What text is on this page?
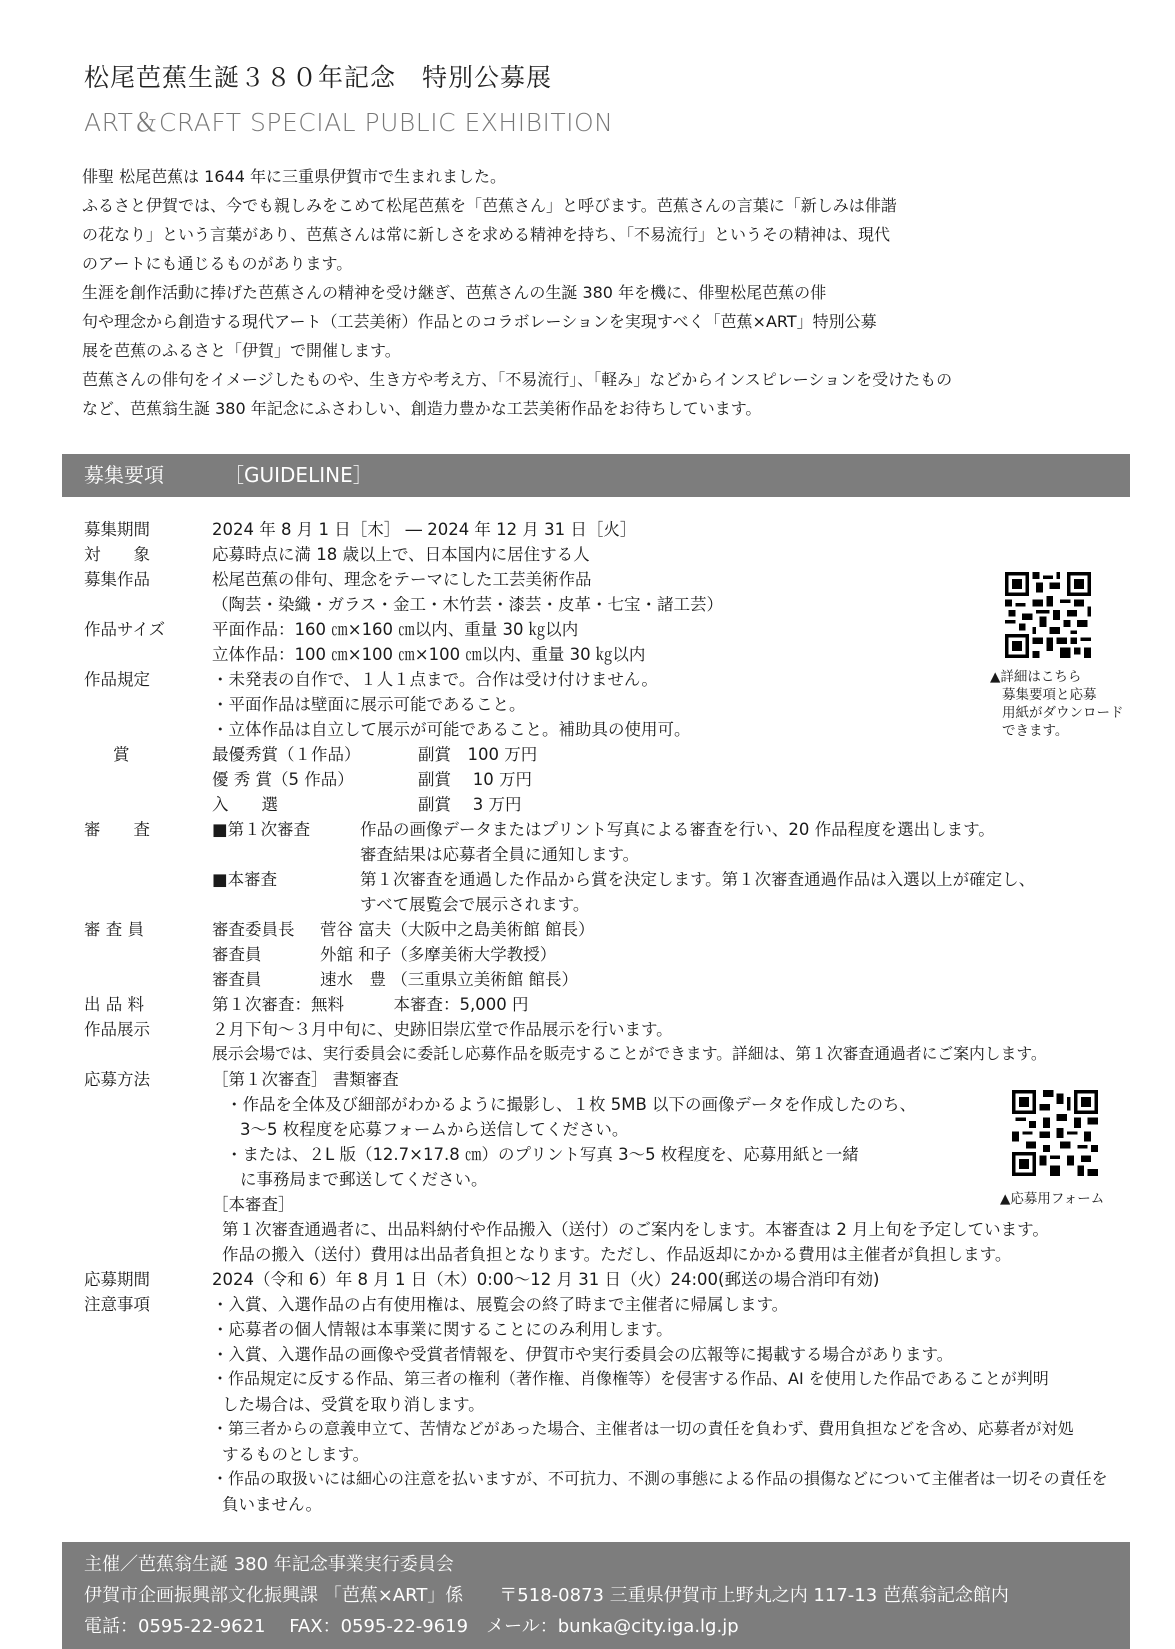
松尾芭蕉生誕３８０年記念　特別公募展
ART＆CRAFT SPECIAL PUBLIC EXHIBITION
俳聖 松尾芭蕉は 1644 年に三重県伊賀市で生まれました。
ふるさと伊賀では、今でも親しみをこめて松尾芭蕉を「芭蕉さん」と呼びます。芭蕉さんの言葉に「新しみは俳諧
の花なり」という言葉があり、芭蕉さんは常に新しさを求める精神を持ち、「不易流行」というその精神は、現代
のアートにも通じるものがあります。
生涯を創作活動に捧げた芭蕉さんの精神を受け継ぎ、芭蕉さんの生誕 380 年を機に、俳聖松尾芭蕉の俳
句や理念から創造する現代アート（工芸美術）作品とのコラボレーションを実現すべく「芭蕉×ART」特別公募
展を芭蕉のふるさと「伊賀」で開催します。
芭蕉さんの俳句をイメージしたものや、生き方や考え方、「不易流行」、「軽み」などからインスピレーションを受けたもの
など、芭蕉翁生誕 380 年記念にふさわしい、創造力豊かな工芸美術作品をお待ちしています。
募集要項	［GUIDELINE］
募集期間	2024 年 8 月 1 日［木］ ― 2024 年 12 月 31 日［火］
対　　象	応募時点に満 18 歳以上で、日本国内に居住する人
募集作品	松尾芭蕉の俳句、理念をテーマにした工芸美術作品
（陶芸・染織・ガラス・金工・木竹芸・漆芸・皮革・七宝・諸工芸）
作品サイズ	平面作品：160 ㎝×160 ㎝以内、重量 30 ㎏以内
立体作品：100 ㎝×100 ㎝×100 ㎝以内、重量 30 ㎏以内
作品規定	・未発表の自作で、１人１点まで。合作は受け付けません。
・平面作品は壁面に展示可能であること。
・立体作品は自立して展示が可能であること。補助具の使用可。
賞	最優秀賞（１作品）	副賞　100 万円
優 秀 賞（5 作品）	副賞　 10 万円
入　　選	副賞　 3 万円
審　　査	■第１次審査	作品の画像データまたはプリント写真による審査を行い、20 作品程度を選出します。
審査結果は応募者全員に通知します。
■本審査	第１次審査を通過した作品から賞を決定します。第１次審査通過作品は入選以上が確定し、
すべて展覧会で展示されます。
審 査 員	審査委員長 菅谷 富夫（大阪中之島美術館 館長）
審査員	外舘 和子（多摩美術大学教授）
審査員	速水　豊 （三重県立美術館 館長）
出 品 料	第１次審査：無料　　　本審査：5,000 円
作品展示	２月下旬～３月中旬に、史跡旧崇広堂で作品展示を行います。
展示会場では、実行委員会に委託し応募作品を販売することができます。詳細は、第１次審査通過者にご案内します。
応募方法	［第１次審査］ 書類審査
・作品を全体及び細部がわかるように撮影し、１枚 5MB 以下の画像データを作成したのち、
3～5 枚程度を応募フォームから送信してください。
・または、２L 版（12.7×17.8 ㎝）のプリント写真 3～5 枚程度を、応募用紙と一緒
に事務局まで郵送してください。
［本審査］
第１次審査通過者に、出品料納付や作品搬入（送付）のご案内をします。本審査は 2 月上旬を予定しています。
作品の搬入（送付）費用は出品者負担となります。ただし、作品返却にかかる費用は主催者が負担します。
応募期間	2024（令和 6）年 8 月 1 日（木）0:00～12 月 31 日（火）24:00(郵送の場合消印有効)
注意事項	・入賞、入選作品の占有使用権は、展覧会の終了時まで主催者に帰属します。
・応募者の個人情報は本事業に関することにのみ利用します。
・入賞、入選作品の画像や受賞者情報を、伊賀市や実行委員会の広報等に掲載する場合があります。
・作品規定に反する作品、第三者の権利（著作権、肖像権等）を侵害する作品、AI を使用した作品であることが判明
した場合は、受賞を取り消します。
・第三者からの意義申立て、苦情などがあった場合、主催者は一切の責任を負わず、費用負担などを含め、応募者が対処
するものとします。
・作品の取扱いには細心の注意を払いますが、不可抗力、不測の事態による作品の損傷などについて主催者は一切その責任を
負いません。
▲詳細はこちら
募集要項と応募
用紙がダウンロード
できます。
▲応募用フォーム
主催／芭蕉翁生誕 380 年記念事業実行委員会
伊賀市企画振興部文化振興課 「芭蕉×ART」係　　〒518-0873 三重県伊賀市上野丸之内 117-13 芭蕉翁記念館内
電話：0595-22-9621　 FAX：0595-22-9619　メール：bunka@city.iga.lg.jp
